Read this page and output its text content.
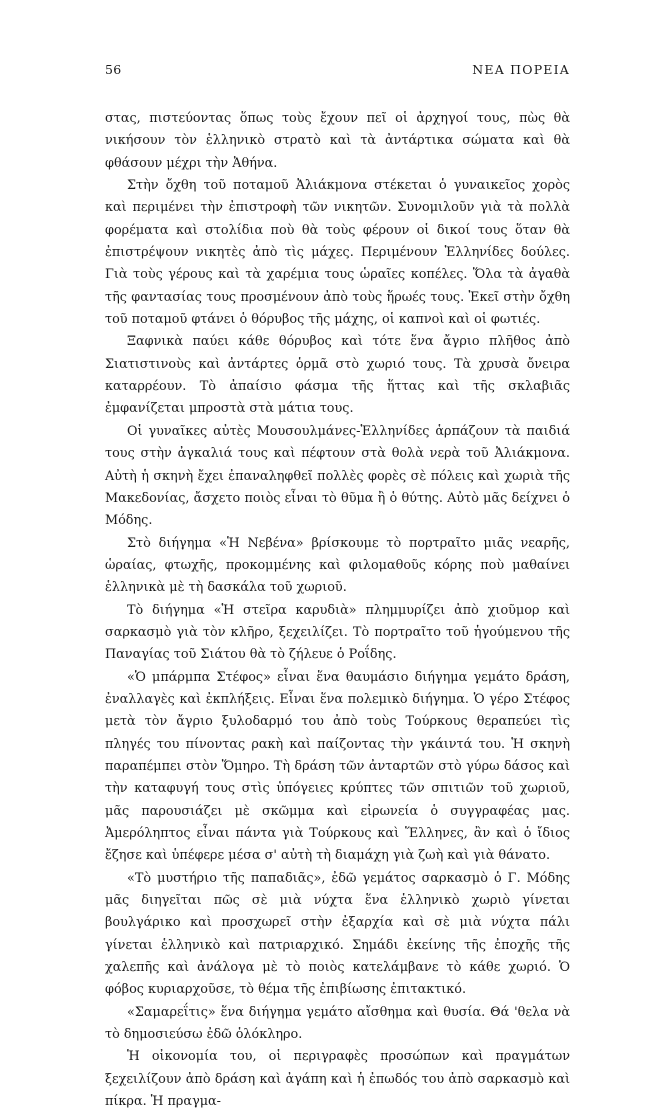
56	ΝΕΑ ΠΟΡΕΙΑ

στας, πιστεύοντας ὅπως τοὺς ἔχουν πεῖ οἱ ἀρχηγοί τους, πὼς θὰ νικήσουν τὸν ἑλληνικὸ στρατὸ καὶ τὰ ἀντάρτικα σώματα καὶ θὰ φθάσουν μέχρι τὴν Ἀθήνα.

Στὴν ὄχθη τοῦ ποταμοῦ Ἀλιάκμονα στέκεται ὁ γυναικεῖος χορὸς καὶ περιμένει τὴν ἐπιστροφὴ τῶν νικητῶν. Συνομιλοῦν γιὰ τὰ πολλὰ φορέματα καὶ στολίδια ποὺ θὰ τοὺς φέρουν οἱ δικοί τους ὅταν θὰ ἐπιστρέψουν νικητὲς ἀπὸ τὶς μάχες. Περιμένουν Ἑλληνίδες δούλες. Γιὰ τοὺς γέρους καὶ τὰ χαρέμια τους ὡραῖες κοπέλες. Ὅλα τὰ ἀγαθὰ τῆς φαντασίας τους προσμένουν ἀπὸ τοὺς ἥρωές τους. Ἐκεῖ στὴν ὄχθη τοῦ ποταμοῦ φτάνει ὁ θόρυβος τῆς μάχης, οἱ καπνοὶ καὶ οἱ φωτιές.

Ξαφνικὰ παύει κάθε θόρυβος καὶ τότε ἕνα ἄγριο πλῆθος ἀπὸ Σιατιστινοὺς καὶ ἀντάρτες ὁρμᾶ στὸ χωριό τους. Τὰ χρυσὰ ὄνειρα καταρρέουν. Τὸ ἀπαίσιο φάσμα τῆς ἥττας καὶ τῆς σκλαβιᾶς ἐμφανίζεται μπροστὰ στὰ μάτια τους.

Οἱ γυναῖκες αὐτὲς Μουσουλμάνες-Ἑλληνίδες ἁρπάζουν τὰ παιδιά τους στὴν ἀγκαλιά τους καὶ πέφτουν στὰ θολὰ νερὰ τοῦ Ἀλιάκμονα. Αὐτὴ ἡ σκηνὴ ἔχει ἐπαναληφθεῖ πολλὲς φορὲς σὲ πόλεις καὶ χωριὰ τῆς Μακεδονίας, ἄσχετο ποιὸς εἶναι τὸ θῦμα ἢ ὁ θύτης. Αὐτὸ μᾶς δείχνει ὁ Μόδης.

Στὸ διήγημα «Ἡ Νεβένα» βρίσκουμε τὸ πορτραῖτο μιᾶς νεαρῆς, ὡραίας, φτωχῆς, προκομμένης καὶ φιλομαθοῦς κόρης ποὺ μαθαίνει ἑλληνικὰ μὲ τὴ δασκάλα τοῦ χωριοῦ.

Τὸ διήγημα «Ἡ στεῖρα καρυδιὰ» πλημμυρίζει ἀπὸ χιοῦμορ καὶ σαρκασμὸ γιὰ τὸν κλῆρο, ξεχειλίζει. Τὸ πορτραῖτο τοῦ ἡγούμενου τῆς Παναγίας τοῦ Σιάτου θὰ τὸ ζήλευε ὁ Ροΐδης.

«Ὁ μπάρμπα Στέφος» εἶναι ἕνα θαυμάσιο διήγημα γεμάτο δράση, ἐναλλαγὲς καὶ ἐκπλήξεις. Εἶναι ἕνα πολεμικὸ διήγημα. Ὁ γέρο Στέφος μετὰ τὸν ἄγριο ξυλοδαρμό του ἀπὸ τοὺς Τούρκους θεραπεύει τὶς πληγές του πίνοντας ρακὴ καὶ παίζοντας τὴν γκάιντά του. Ἡ σκηνὴ παραπέμπει στὸν Ὅμηρο. Τὴ δράση τῶν ἀνταρτῶν στὸ γύρω δάσος καὶ τὴν καταφυγή τους στὶς ὑπόγειες κρύπτες τῶν σπιτιῶν τοῦ χωριοῦ, μᾶς παρουσιάζει μὲ σκῶμμα καὶ εἰρωνεία ὁ συγγραφέας μας. Ἀμερόληπτος εἶναι πάντα γιὰ Τούρκους καὶ Ἕλληνες, ἂν καὶ ὁ ἴδιος ἔζησε καὶ ὑπέφερε μέσα σ' αὐτὴ τὴ διαμάχη γιὰ ζωὴ καὶ γιὰ θάνατο.

«Τὸ μυστήριο τῆς παπαδιᾶς», ἐδῶ γεμάτος σαρκασμὸ ὁ Γ. Μόδης μᾶς διηγεῖται πῶς σὲ μιὰ νύχτα ἕνα ἑλληνικὸ χωριὸ γίνεται βουλγάρικο καὶ προσχωρεῖ στὴν ἐξαρχία καὶ σὲ μιὰ νύχτα πάλι γίνεται ἑλληνικὸ καὶ πατριαρχικό. Σημάδι ἐκείνης τῆς ἐποχῆς τῆς χαλεπῆς καὶ ἀνάλογα μὲ τὸ ποιὸς κατελάμβανε τὸ κάθε χωριό. Ὁ φόβος κυριαρχοῦσε, τὸ θέμα τῆς ἐπιβίωσης ἐπιτακτικό.

«Σαμαρεΐτις» ἕνα διήγημα γεμάτο αἴσθημα καὶ θυσία. Θά 'θελα νὰ τὸ δημοσιεύσω ἐδῶ ὁλόκληρο.

Ἡ οἰκονομία του, οἱ περιγραφὲς προσώπων καὶ πραγμάτων ξεχειλίζουν ἀπὸ δράση καὶ ἀγάπη καὶ ἡ ἐπωδός του ἀπὸ σαρκασμὸ καὶ πίκρα. Ἡ πραγμα-
